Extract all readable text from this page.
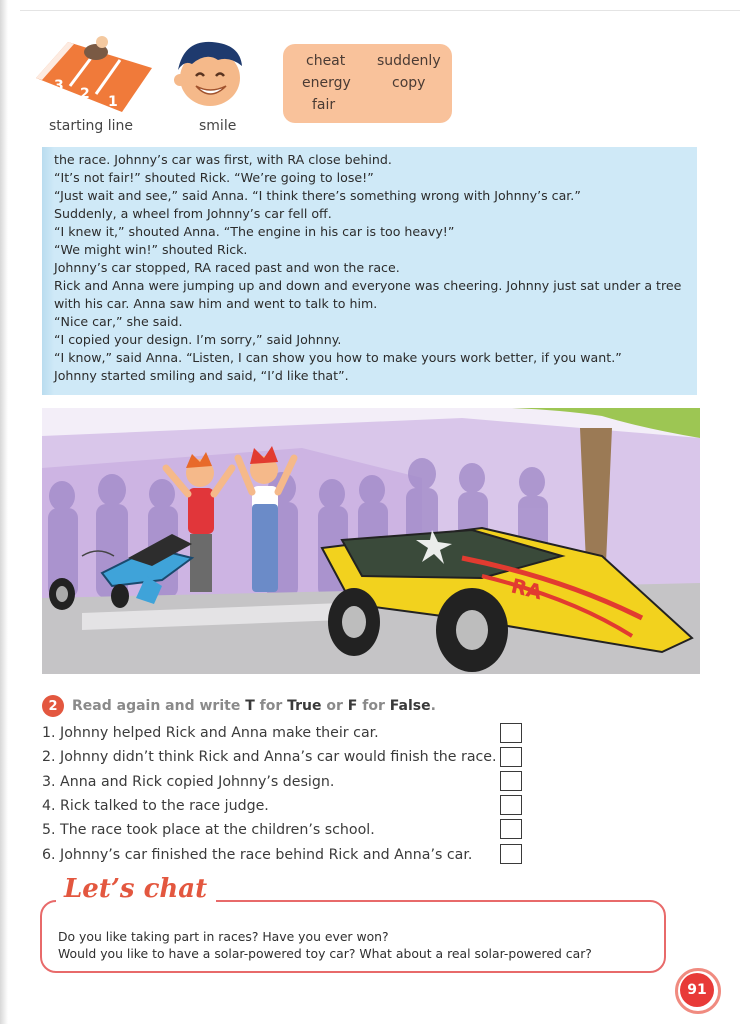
3 2 1
starting line	smile
cheat suddenly
energy	copy
fair

the race. Johnny’s car was first, with RA close behind.

“It’s not fair!” shouted Rick. “We’re going to lose!”

“Just wait and see,” said Anna. “I think there’s something wrong with Johnny’s car.”

Suddenly, a wheel from Johnny’s car fell off.

“I knew it,” shouted Anna. “The engine in his car is too heavy!”

“We might win!” shouted Rick.

Johnny’s car stopped, RA raced past and won the race.

Rick and Anna were jumping up and down and everyone was cheering. Johnny just sat under a tree

with his car. Anna saw him and went to talk to him.

“Nice car,” she said.

“I copied your design. I’m sorry,” said Johnny.

“I know,” said Anna. “Listen, I can show you how to make yours work better, if you want.”

Johnny started smiling and said, “I’d like that”.

RA
2	Read again and write T for True or F for False.
1. Johnny helped Rick and Anna make their car.
2. Johnny didn’t think Rick and Anna’s car would finish the race.
3. Anna and Rick copied Johnny’s design.
4. Rick talked to the race judge.
5. The race took place at the children’s school.
6. Johnny’s car finished the race behind Rick and Anna’s car.
Let’s chat
Do you like taking part in races? Have you ever won?
Would you like to have a solar-powered toy car? What about a real solar-powered car?
91
